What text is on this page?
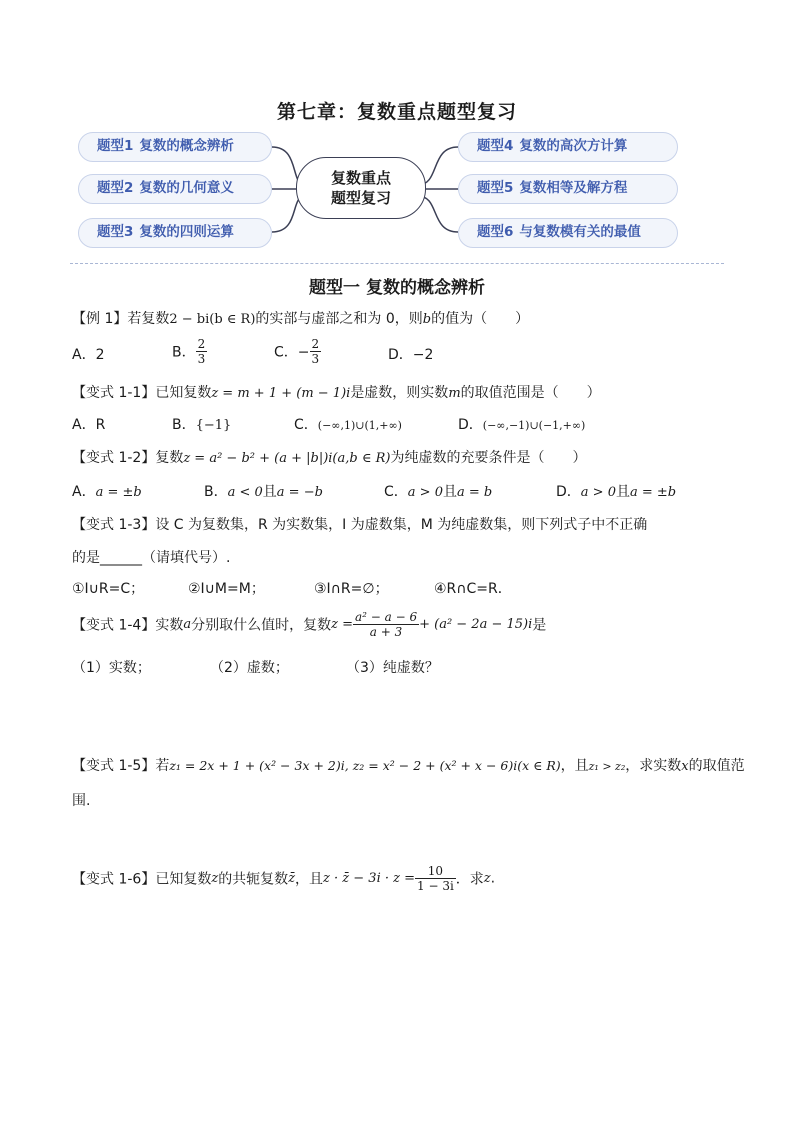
第七章：复数重点题型复习
题型1 复数的概念辨析
题型2 复数的几何意义
题型3 复数的四则运算
复数重点
题型复习
题型4 复数的高次方计算
题型5 复数相等及解方程
题型6 与复数模有关的最值
题型一 复数的概念辨析
【例 1】若复数2 − bi(b ∈ R)的实部与虚部之和为 0，则b的值为（　　）
A．2	B． $\frac{2}{3}$	C．− $\frac{2}{3}$	D．−2
【变式 1-1】已知复数z = m + 1 + (m − 1)i是虚数，则实数m的取值范围是（　　）
A．R	B．{−1}	C．(−∞,1)∪(1,+∞)	D．(−∞,−1)∪(−1,+∞)
【变式 1-2】复数z = a² − b² + (a + |b|)i(a,b ∈ R)为纯虚数的充要条件是（　　）
A．a = ±b	B．a < 0且a = −b	C．a > 0且a = b	D．a > 0且a = ±b
【变式 1-3】设 C 为复数集，R 为实数集，I 为虚数集，M 为纯虚数集，则下列式子中不正确
的是______（请填代号）.
①I∪R=C；	②I∪M=M；	③I∩R=∅；	④R∩C=R．
【变式 1-4】实数a分别取什么值时，复数$z = \frac{\text{a² − a − 6}}{a + 3} + (a^2 - 2a - 15)i$是
（1）实数；	（2）虚数；	（3）纯虚数？
【变式 1-5】若z₁ = 2x + 1 + (x² − 3x + 2)i, z₂ = x² − 2 + (x² + x − 6)i(x ∈ R)，且z₁ > z₂，求实数x的取值范
围.
【变式 1-6】已知复数z的共轭复数z̄，且z · z̄ − $3i \cdot z = \frac{10}{1 - 3i}$ ．求z.
